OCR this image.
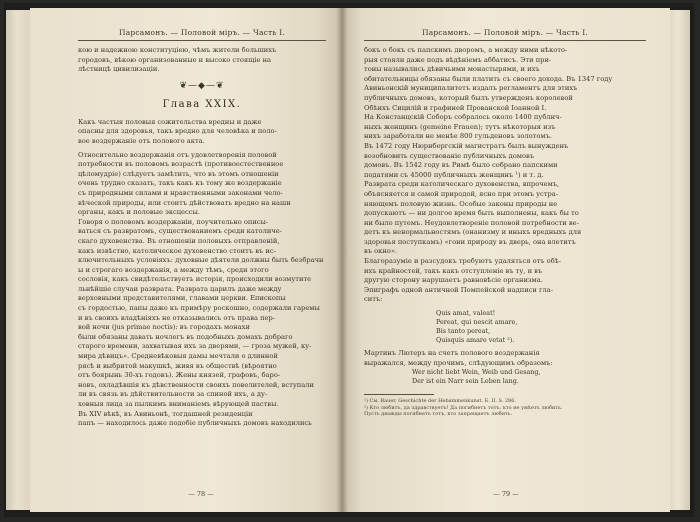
Парсамонъ. — Половой міръ. — Часть I.
кою и надежною конституціею, чѣмъ жители большихъ
городовъ, вѣкою организованные и высоко стоящіе на
лѣстницѣ цивилизаціи.
❦—◆—❦
Глава XXIX.
Какъ частыя половыя сожительства вредны и даже
опасны для здоровья, такъ вредно для человѣка и поло-
вое воздержаніе отъ полового акта.
Относительно воздержанія отъ удовлетворенія половой
потребности въ половомъ возрастѣ (противоестественное
цѣломудріе) слѣдуетъ замѣтить, что въ этомъ отношеніи
очень трудно сказать, такъ какъ къ тому же воздержаніе
съ природными силами и нравственными законами чело-
вѣческой природы, или стоитъ дѣйствовать вредно на наши
органы, какъ и половые эксцессы.
Говоря о половомъ воздержаніи, поучительно описы-
ваться съ развратомъ, существованиемъ среди католиче-
скаго духовенства. Въ отношеніи половыхъ отправленій,
какъ извѣстно, католическое духовенство стоитъ въ ис-
ключительныхъ условіяхъ: духовные дѣятели должны быть безбрачн
ы и строгаго воздержанія, а между тѣмъ, среди этого
сословія, какъ свидѣтельствуетъ исторія, происходили возмутите
льнѣйшіе случаи разврата. Разврата царилъ даже между
верховными представителями, главами церкви. Епископы
съ гордостью, папы даже къ примѣру роскошно, содержали гаремы
и въ своихъ владѣніяхъ не отказывались отъ права пер-
вой ночи (jus primae noctis): въ городахъ монахи
были обязаны давать ночлегъ въ подобныхъ домахъ добраго
старого времени, захватывая ихъ за дверями, — гроза мужей, ку-
мира дѣвицъ». Средневѣковыя дамы мечтали о длинной
рясѣ и выбритой макушкѣ, живя въ обществѣ (вѣроятно
отъ боярынь 30-хъ годовъ). Жены князей, графовъ, баро-
новъ, охладѣвшія къ дѣвственности своихъ повелителей, вступали
ли въ связь въ дѣйствительности за спиной ихъ, а ду-
ховныя лица за пылкимъ вниманіемъ вѣрующей паствы.
Въ XIV вѣкѣ, въ Авиньонѣ, тогдашней резиденціи
папъ — находилось даже подобіе публичныхъ домовъ находились
— 78 —
Парсамонъ. — Половой міръ. — Часть I.
бокъ о бокъ съ папскимъ дворомъ, а между ними нѣкото-
рыя стояли даже подъ вѣдѣніемъ аббатисъ. Эти при-
тоны назывались дѣвичьими монастырями, и ихъ
обитательницы обязаны были платить съ своего дохода. Въ 1347 году
Авиньонскій муниципалитетъ издалъ регламентъ для этихъ
публичныхъ домовъ, который былъ утвержденъ королевой
Обѣихъ Сицилій и графиней Прованской Іоанной I.
На Констанцскій Соборъ собралось около 1400 публич-
ныхъ женщинъ (gemeine Frauen); тутъ нѣкоторыя изъ
нихъ заработали не менѣе 800 гульденовъ золотомъ.
Въ 1472 году Нюрнбергскій магистратъ былъ вынужденъ
возобновить существованіе публичныхъ домовъ
домовъ. Въ 1542 году въ Римѣ было собрано папскими
податями съ 45000 публичныхъ женщинъ ¹) и т. д.
Разврата среди католическаго духовенства, впрочемъ,
объясняется и самой природой, ясно при этомъ устра-
няющемъ половую жизнь. Особые законы природы не
допускаютъ — ни долгое время быть выполнены, какъ бы то
ни было путемъ. Неудовлетвореніе половой потребности ве-
детъ къ ненормальностямъ (онанизму и иныхъ вредныхъ для
здоровья поступкамъ) «гони природу въ дверь, она влетитъ
въ окно».
Благоразуміе и разсудокъ требуютъ удаляться отъ обѣ-
ихъ крайностей, такъ какъ отступленіе въ ту, и въ
другую сторону нарушаетъ равновѣсіе организма.
Эпиграфъ одной античной Помпейской надписи гла-
ситъ:
Quis amat, valeat!
Pereat, qui nescit amare,
Bis tanto pereat,
Quisquis amare vetat ²).
Мартинъ Лютеръ на счетъ полового воздержанія
выражался, между прочимъ, слѣдующимъ образомъ:
Wer nicht liebt Wein, Weib und Gesang,
Der ist ein Narr sein Leben lang.
¹) См. Bauer, Geschichte der Hebammenkunst. Б. II. S. 286.
²) Кто любитъ, да здравствуетъ! Да погибнетъ тотъ, кто не умѣетъ любить.
Пусть дважды погибнетъ тотъ, кто запрещаетъ любить.
— 79 —
